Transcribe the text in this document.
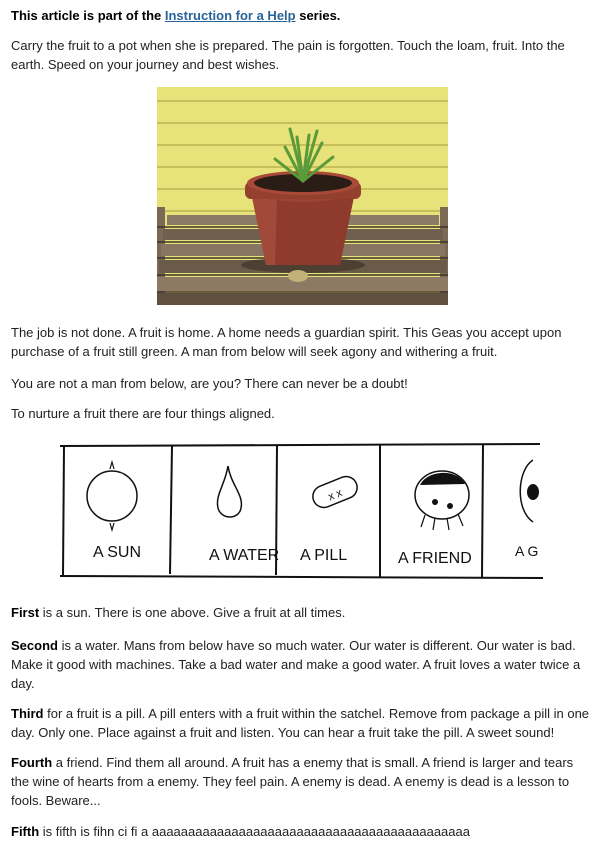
This article is part of the Instruction for a Help series.

Carry the fruit to a pot when she is prepared. The pain is forgotten. Touch the loam, fruit. Into the earth. Speed on your journey and best wishes.

The job is not done. A fruit is home. A home needs a guardian spirit. This Geas you accept upon purchase of a fruit still green. A man from below will seek agony and withering a fruit.

You are not a man from below, are you? There can never be a doubt!

To nurture a fruit there are four things aligned.

First is a sun. There is one above. Give a fruit at all times.

Second is a water. Mans from below have so much water. Our water is different. Our water is bad. Make it good with machines. Take a bad water and make a good water. A fruit loves a water twice a day.

Third for a fruit is a pill. A pill enters with a fruit within the satchel. Remove from package a pill in one day. Only one. Place against a fruit and listen. You can hear a fruit take the pill. A sweet sound!

Fourth a friend. Find them all around. A fruit has a enemy that is small. A friend is larger and tears the wine of hearts from a enemy. They feel pain. A enemy is dead. A enemy is dead is a lesson to fools. Beware...

Fifth is fifth is fihn ci fi a aaaaaaaaaaaaaaaaaaaaaaaaaaaaaaaaaaaaaaaaaaaa

x x
A SUN	A WATER A PILL	A FRIEND	A G
